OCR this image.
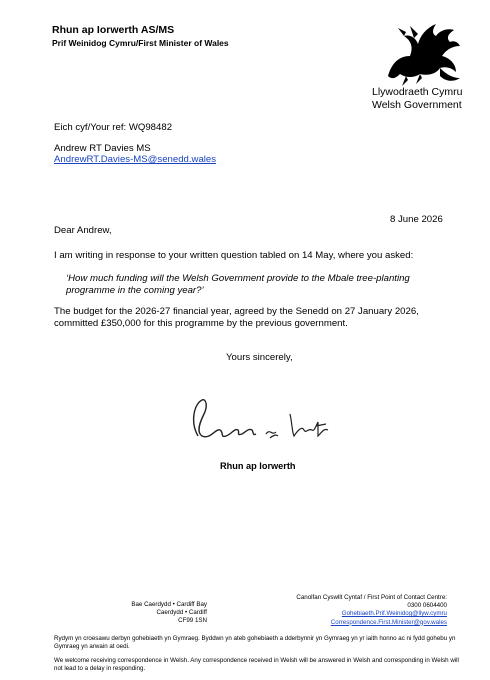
Rhun ap Iorwerth AS/MS
Prif Weinidog Cymru/First Minister of Wales
Llywodraeth Cymru
Welsh Government
Eich cyf/Your ref: WQ98482
Andrew RT Davies MS
AndrewRT.Davies-MS@senedd.wales
8 June 2026
Dear Andrew,
I am writing in response to your written question tabled on 14 May, where you asked:
‘How much funding will the Welsh Government provide to the Mbale tree-planting programme in the coming year?’
The budget for the 2026-27 financial year, agreed by the Senedd on 27 January 2026, committed £350,000 for this programme by the previous government.
Yours sincerely,
Rhun ap Iorwerth
Bae Caerdydd • Cardiff Bay
Caerdydd • Cardiff
CF99 1SN
Canolfan Cyswllt Cyntaf / First Point of Contact Centre:
0300 0604400
Gohebiaeth.Prif.Weinidog@llyw.cymru
Correspondence.First.Minister@gov.wales
Rydym yn croesawu derbyn gohebiaeth yn Gymraeg. Byddwn yn ateb gohebiaeth a dderbynnir yn Gymraeg yn yr iaith honno ac ni fydd gohebu yn Gymraeg yn arwain at oedi.
We welcome receiving correspondence in Welsh. Any correspondence received in Welsh will be answered in Welsh and corresponding in Welsh will not lead to a delay in responding.
